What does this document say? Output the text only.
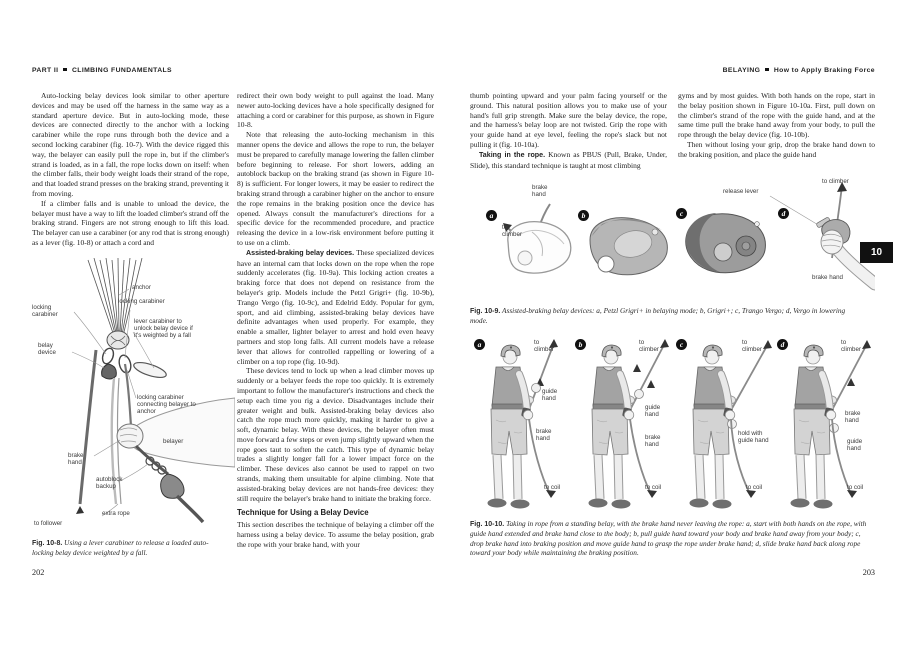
PART II CLIMBING FUNDAMENTALS

Auto-locking belay devices look similar to other aperture devices and may be used off the harness in the same way as a standard aperture device. But in auto-locking mode, these devices are connected directly to the anchor with a locking carabiner while the rope runs through both the device and a second locking carabiner (fig. 10-7). With the device rigged this way, the belayer can easily pull the rope in, but if the climber's strand is loaded, as in a fall, the rope locks down on itself: when the climber falls, their body weight loads their strand of the rope, and that loaded strand presses on the braking strand, preventing it from moving.

If a climber falls and is unable to unload the device, the belayer must have a way to lift the loaded climber's strand off the braking strand. Fingers are not strong enough to lift this load. The belayer can use a carabiner (or any rod that is strong enough) as a lever (fig. 10-8) or attach a cord and

anchor
locking carabiner
locking carabiner
lever carabiner to unlock belay device if it's weighted by a fall
belay device
locking carabiner connecting belayer to anchor
belayer
brake hand
autoblock backup
extra rope
to follower
Fig. 10-8. Using a lever carabiner to release a loaded auto-locking belay device weighted by a fall.

redirect their own body weight to pull against the load. Many newer auto-locking devices have a hole specifically designed for attaching a cord or carabiner for this purpose, as shown in Figure 10-8.

Note that releasing the auto-locking mechanism in this manner opens the device and allows the rope to run, the belayer must be prepared to carefully manage lowering the fallen climber before beginning to release. For short lowers, adding an autoblock backup on the braking strand (as shown in Figure 10-8) is sufficient. For longer lowers, it may be easier to redirect the braking strand through a carabiner higher on the anchor to ensure the rope remains in the braking position once the device has opened. Always consult the manufacturer's directions for a specific device for the recommended procedure, and practice releasing the device in a low-risk environment before putting it to use on a climb.

Assisted-braking belay devices. These specialized devices have an internal cam that locks down on the rope when the rope suddenly accelerates (fig. 10-9a). This locking action creates a braking force that does not depend on resistance from the belayer's grip. Models include the Petzl Grigri+ (fig. 10-9b), Trango Vergo (fig. 10-9c), and Edelrid Eddy. Popular for gym, sport, and aid climbing, assisted-braking belay devices have definite advantages when used properly. For example, they enable a smaller, lighter belayer to arrest and hold even heavy partners and stop long falls. All current models have a release lever that allows for controlled rappelling or lowering of a climber on a top rope (fig. 10-9d).

These devices tend to lock up when a lead climber moves up suddenly or a belayer feeds the rope too quickly. It is extremely important to follow the manufacturer's instructions and check the setup each time you rig a device. Disadvantages include their greater weight and bulk. Assisted-braking belay devices also catch the rope much more quickly, making it harder to give a soft, dynamic belay. With these devices, the belayer often must move forward a few steps or even jump slightly upward when the rope goes taut to soften the catch. This type of dynamic belay trades a slightly longer fall for a lower impact force on the climber. These devices also cannot be used to rappel on two strands, making them unsuitable for alpine climbing. Note that assisted-braking belay devices are not hands-free devices: they still require the belayer's brake hand to initiate the braking force.

Technique for Using a Belay Device

This section describes the technique of belaying a climber off the harness using a belay device. To assume the belay position, grab the rope with your brake hand, with your

202
BELAYING How to Apply Braking Force

thumb pointing upward and your palm facing yourself or the ground. This natural position allows you to make use of your hand's full grip strength. Make sure the belay device, the rope, and the harness's belay loop are not twisted. Grip the rope with your guide hand at eye level, feeling the rope's slack but not pulling it (fig. 10-10a).

Taking in the rope. Known as PBUS (Pull, Brake, Under, Slide), this standard technique is taught at most climbing

gyms and by most guides. With both hands on the rope, start in the belay position shown in Figure 10-10a. First, pull down on the climber's strand of the rope with the guide hand, and at the same time pull the brake hand away from your body, to pull the rope through the belay device (fig. 10-10b).

Then without losing your grip, drop the brake hand down to the braking position, and place the guide hand

a	b	c	d
to climber
brake hand	release lever
to climber
brake hand
Fig. 10-9. Assisted-braking belay devices: a, Petzl Grigri+ in belaying mode; b, Grigri+; c, Trango Vergo; d, Vergo in lowering mode.
a	to climber
guide hand
brake hand
to coil
b	to climber
guide hand
brake hand
to coil
c	to climber
hold with guide hand
to coil
d	to climber
brake hand
guide hand
to coil
Fig. 10-10. Taking in rope from a standing belay, with the brake hand never leaving the rope: a, start with both hands on the rope, with guide hand extended and brake hand close to the body; b, pull guide hand toward your body and brake hand away from your body; c, drop brake hand into braking position and move guide hand to grasp the rope under brake hand; d, slide brake hand back along rope toward your body while maintaining the braking position.
203
10
